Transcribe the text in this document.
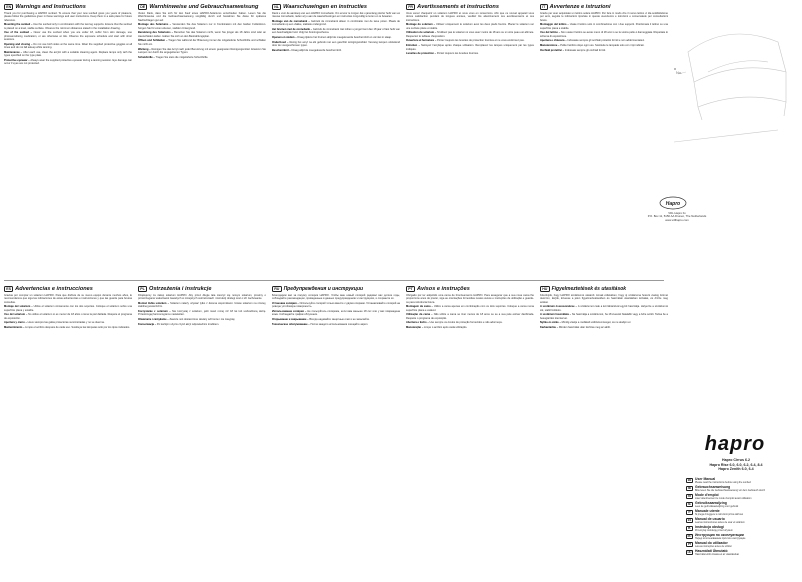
EN Warnings and Instructions

Thank you for purchasing a HAPRO sunbed. To ensure that your new sunbed gives you years of pleasure, please follow the guidelines given in these warnings and user instructions. Keep them in a safe place for future reference.

Mounting the sunbed – Use the sunbed only in combination with the two leg supports. Ensure that the sunbed is placed on a level, stable surface. Observe the minimum distances stated in the installation drawing.

Use of the sunbed – Never use the sunbed when you are under 18, suffer from skin damage, use photosensitising medication, or are otherwise at risk. Observe the exposure schedule and start with short sessions.

Opening and closing – Do not use both sides at the same time. Wear the supplied protective goggles at all times and do not fall asleep while tanning.

Maintenance – After each use, clean the acrylic with a suitable cleaning agent. Replace lamps only with the types specified on the type plate.

Protective eyewear – Always wear the supplied protective eyewear during a tanning session. Eye damage can occur if eyes are not protected.

DE Warnhinweise und Gebrauchsanweisung

Vielen Dank, dass Sie sich für den Kauf eines HAPRO-Solariums entschieden haben. Lesen Sie die Warnhinweise und die Gebrauchsanweisung sorgfältig durch und bewahren Sie diese für späteres Nachschlagen gut auf.

Montage des Solariums – Verwenden Sie das Solarium nur in Kombination mit den beiden Fußstützen. Sorgen Sie für einen ebenen, stabilen Untergrund.

Benutzung des Solariums – Benutzen Sie das Solarium nicht, wenn Sie jünger als 18 Jahre sind oder an Hautschäden leiden. Halten Sie sich an den Bestrahlungsplan.

Öffnen und Schließen – Tragen Sie während der Bräunung immer die mitgelieferte Schutzbrille und schlafen Sie nicht ein.

Wartung – Reinigen Sie das Acryl nach jeder Benutzung mit einem geeigneten Reinigungsmittel. Ersetzen Sie Lampen nur durch die angegebenen Typen.

Schutzbrille – Tragen Sie stets die mitgelieferte Schutzbrille.

NL Waarschuwingen en instructies

Dank u voor de aankoop van een HAPRO zonnebank. Om ervoor te zorgen dat u jarenlang plezier hebt van uw nieuwe zonnebank, raden wij u aan de waarschuwingen en instructies zorgvuldig te lezen en te bewaren.

Montage van de zonnebank – Gebruik de zonnebank alleen in combinatie met de twee poten. Plaats de zonnebank op een vlakke, stabiele ondergrond.

Het bruinen met de zonnebank – Gebruik de zonnebank niet indien u jonger bent dan 18 jaar of last hebt van een beschadigde huid. Volg het bruiningsschema.

Openen en sluiten – Draag tijdens het bruinen altijd de meegeleverde beschermbril en val niet in slaap.

Onderhoud – Reinig het acryl na elk gebruik met een geschikt reinigingsmiddel. Vervang lampen uitsluitend door de voorgeschreven typen.

Beschermbril – Draag altijd de meegeleverde beschermbril.

FR Avertissements et instructions

Vous venez d'acquérir un solarium HAPRO et nous vous en remercions. Afin que ce nouvel appareil vous donne satisfaction pendant de longues années, veuillez lire attentivement ces avertissements et ces instructions.

Montage du solarium – Utilisez uniquement le solarium avec les deux pieds fournis. Placez le solarium sur une surface plane et stable.

Utilisation du solarium – N'utilisez pas le solarium si vous avez moins de 18 ans ou si votre peau est abîmée. Respectez le tableau d'exposition.

Ouverture et fermeture – Portez toujours les lunettes de protection fournies et ne vous endormez pas.

Entretien – Nettoyez l'acrylique après chaque utilisation. Remplacez les lampes uniquement par les types indiqués.

Lunettes de protection – Portez toujours les lunettes fournies.

IT Avvertenze e istruzioni

Grazie per aver acquistato un lettino solare HAPRO. Per fare in modo che il nuovo lettino vi dia soddisfazione per anni, seguite le indicazioni riportate in queste avvertenze e istruzioni e conservatele per consultazioni future.

Montaggio del lettino – Usate il lettino solo in combinazione con i due supporti. Posizionate il lettino su una superficie piana e stabile.

Uso del lettino – Non usate il lettino se avete meno di 18 anni o se la vostra pelle è danneggiata. Rispettate lo schema di esposizione.

Apertura e chiusura – Indossate sempre gli occhiali protettivi forniti e non addormentatevi.

Manutenzione – Pulite l'acrilico dopo ogni uso. Sostituite le lampade solo con i tipi indicati.

Occhiali protettivi – Indossate sempre gli occhiali forniti.

ES Advertencias e instrucciones

Gracias por comprar un solarium HAPRO. Para que disfrute de su nuevo equipo durante muchos años, le recomendamos que siga las indicaciones de estas advertencias e instrucciones y que las guarde para futuras consultas.

Montaje del solarium – Utilice el solarium únicamente con los dos soportes. Coloque el solarium sobre una superficie plana y estable.

Uso del solarium – No utilice el solarium si es menor de 18 años o tiene la piel dañada. Respete el programa de exposición.

Apertura y cierre – Lleve siempre las gafas protectoras suministradas y no se duerma.

Mantenimiento – Limpie el acrílico después de cada uso. Sustituya las lámparas sólo por los tipos indicados.

PL Ostrzeżenia i instrukcje

Dziękujemy za zakup solarium HAPRO. Aby przez długie lata cieszyć się nowym solarium, prosimy o przestrzeganie wskazówek zawartych w niniejszych ostrzeżeniach i instrukcji obsługi oraz o ich zachowanie.

Montaż łóżka solarium – Solarium należy używać tylko z dwoma wspornikami. Ustaw solarium na równej, stabilnej powierzchni.

Korzystanie z solarium – Nie korzystaj z solarium, jeśli masz mniej niż 18 lat lub uszkodzoną skórę. Przestrzegaj harmonogramu naświetlań.

Otwieranie i zamykanie – Zawsze noś dostarczone okulary ochronne i nie zasypiaj.

Konserwacja – Po każdym użyciu czyść akryl odpowiednim środkiem.

RU Предупреждения и инструкции

Благодарим вас за покупку солярия HAPRO. Чтобы ваш новый солярий радовал вас долгие годы, соблюдайте рекомендации, приведенные в данных предупреждениях и инструкциях, и сохраните их.

Установка солярия – Используйте солярий только вместе с двумя опорами. Устанавливайте солярий на ровную устойчивую поверхность.

Использование солярия – Не пользуйтесь солярием, если вам меньше 18 лет или у вас повреждена кожа. Соблюдайте график облучения.

Открывание и закрывание – Всегда надевайте защитные очки и не засыпайте.

Техническое обслуживание – После каждого использования очищайте акрил.

PT Avisos e instruções

Obrigado por ter adquirido uma cama de bronzeamento HAPRO. Para assegurar que a sua nova cama lhe proporcione anos de prazer, siga as orientações fornecidas nestes avisos e instruções de utilização e guarde-os para referência futura.

Montagem da cama – Utilize a cama apenas em combinação com os dois suportes. Coloque a cama numa superfície plana e estável.

Utilização da cama – Não utilize a cama se tiver menos de 18 anos ou se a sua pele estiver danificada. Respeite o programa de exposição.

Abertura e fecho – Use sempre os óculos de proteção fornecidos e não adormeça.

Manutenção – Limpe o acrílico após cada utilização.

HU Figyelmeztetések és utasítások

Köszönjük, hogy HAPRO szoláriumot vásárolt. Annak érdekében, hogy új szoláriuma hosszú évekig örömet okozzon, kérjük, kövesse a jelen figyelmeztetésekben és használati utasításban leírtakat, és őrizze meg azokat.

A szolárium összeszerelése – A szoláriumot csak a két lábtartóval együtt használja. Helyezze a szoláriumot sík, stabil felületre.

A szolárium használata – Ne használja a szoláriumot, ha 18 évesnél fiatalabb vagy a bőre sérült. Tartsa be a besugárzási ütemtervet.

Nyitás és zárás – Mindig viselje a mellékelt védőszemüveget, és ne aludjon el.

Karbantartás – Minden használat után tisztítsa meg az akrilt.

No.
Hapro
VDL Hapro bv
P.O. Box 11, 5150 AA Drunen, The Netherlands
www.vdlhapro.com
hapro
Hapro Cirrus 6.2
Hapro Rise 6.0, 6.0, 6.2, 6.4, 8.4
Hapro Zenith 6.0, 6.4
EN	User Manual
Please read the instructions before using the sunbed
DE	Gebrauchsanweisung
Bitte lesen Sie die Gebrauchsanweisung vor dem Gebrauch durch
FR	Mode d'emploi
Lisez attentivement le mode d'emploi avant utilisation
NL	Gebruiksaanwijzing
Lees de gebruiksaanwijzing voor gebruik
IT	Manuale utente
Si prega di leggere le istruzioni prima dell'uso
ES	Manual de usuario
Lea las instrucciones antes de usar el solárium
PL	Instrukcja obsługi
Przeczytaj instrukcję przed użyciem
RU	Инструкция по эксплуатации
Перед использованием прочтите инструкцию
PT	Manual do utilizador
Leia as instruções antes de utilizar
HU	Használati Útmutató
Használat előtt olvassa el az utasításokat
